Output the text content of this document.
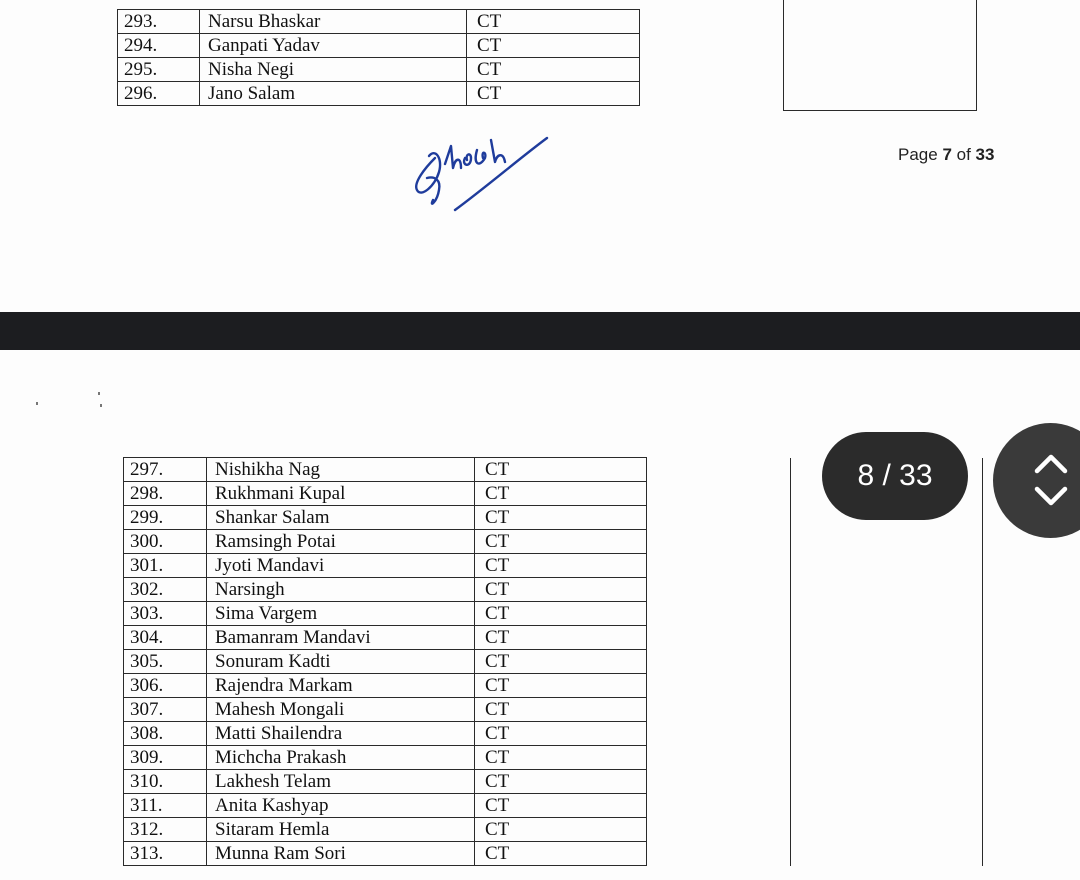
293.	Narsu Bhaskar	CT	
294.	Ganpati Yadav	CT	
295.	Nisha Negi	CT	
296.	Jano Salam	CT	
Page 7 of 33
297.	Nishikha Nag	CT		
298.	Rukhmani Kupal	CT		
299.	Shankar Salam	CT		
300.	Ramsingh Potai	CT		
301.	Jyoti Mandavi	CT		
302.	Narsingh	CT		
303.	Sima Vargem	CT		
304.	Bamanram Mandavi	CT		
305.	Sonuram Kadti	CT		
306.	Rajendra Markam	CT		
307.	Mahesh Mongali	CT		
308.	Matti Shailendra	CT		
309.	Michcha Prakash	CT		
310.	Lakhesh Telam	CT		
311.	Anita Kashyap	CT		
312.	Sitaram Hemla	CT		
313.	Munna Ram Sori	CT		
8 / 33
